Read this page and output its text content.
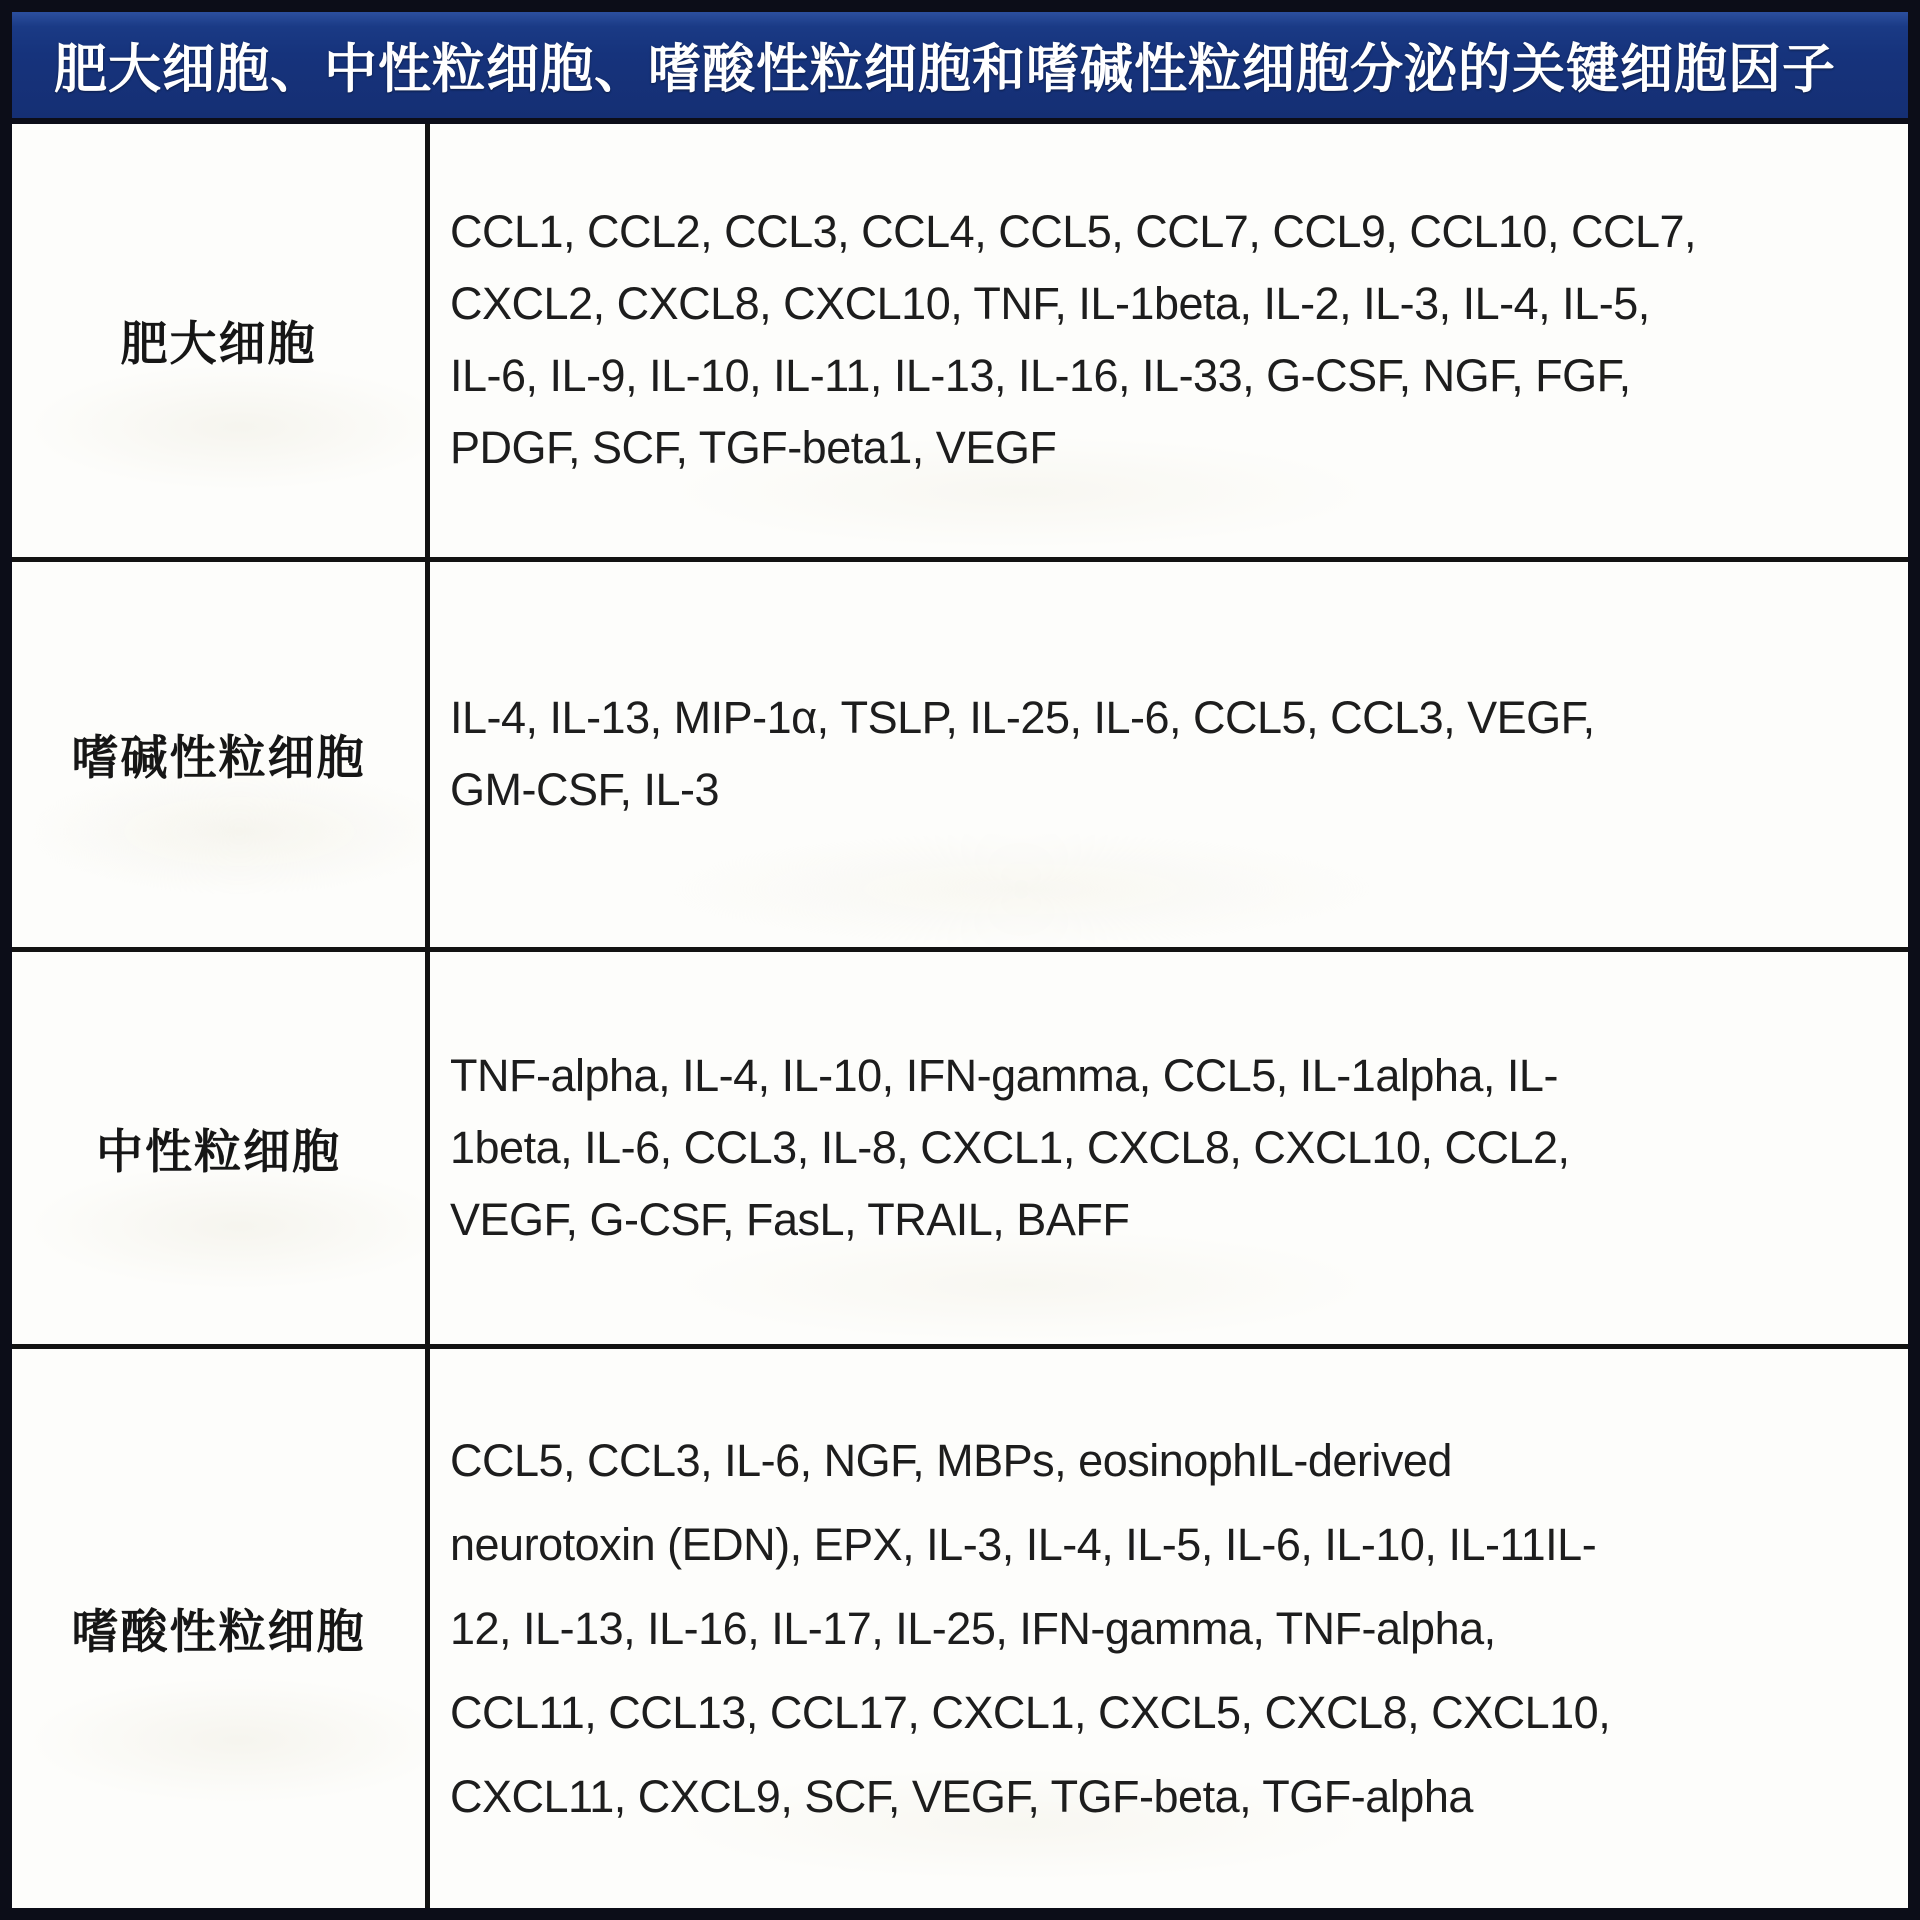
肥大细胞、中性粒细胞、嗜酸性粒细胞和嗜碱性粒细胞分泌的关键细胞因子
肥大细胞
CCL1, CCL2, CCL3, CCL4, CCL5, CCL7, CCL9, CCL10, CCL7,
CXCL2, CXCL8, CXCL10, TNF, IL-1beta, IL-2, IL-3, IL-4, IL-5,
IL-6, IL-9, IL-10, IL-11, IL-13, IL-16, IL-33, G-CSF, NGF, FGF,
PDGF, SCF, TGF-beta1, VEGF
嗜碱性粒细胞
IL-4, IL-13, MIP-1α, TSLP, IL-25, IL-6, CCL5, CCL3, VEGF,
GM-CSF, IL-3
中性粒细胞
TNF-alpha, IL-4, IL-10, IFN-gamma, CCL5, IL-1alpha, IL-
1beta, IL-6, CCL3, IL-8, CXCL1, CXCL8, CXCL10, CCL2,
VEGF, G-CSF, FasL, TRAIL, BAFF
嗜酸性粒细胞
CCL5, CCL3, IL-6, NGF, MBPs, eosinophIL-derived
neurotoxin (EDN), EPX, IL-3, IL-4, IL-5, IL-6, IL-10, IL-11IL-
12, IL-13, IL-16, IL-17, IL-25, IFN-gamma, TNF-alpha,
CCL11, CCL13, CCL17, CXCL1, CXCL5, CXCL8, CXCL10,
CXCL11, CXCL9, SCF, VEGF, TGF-beta, TGF-alpha
